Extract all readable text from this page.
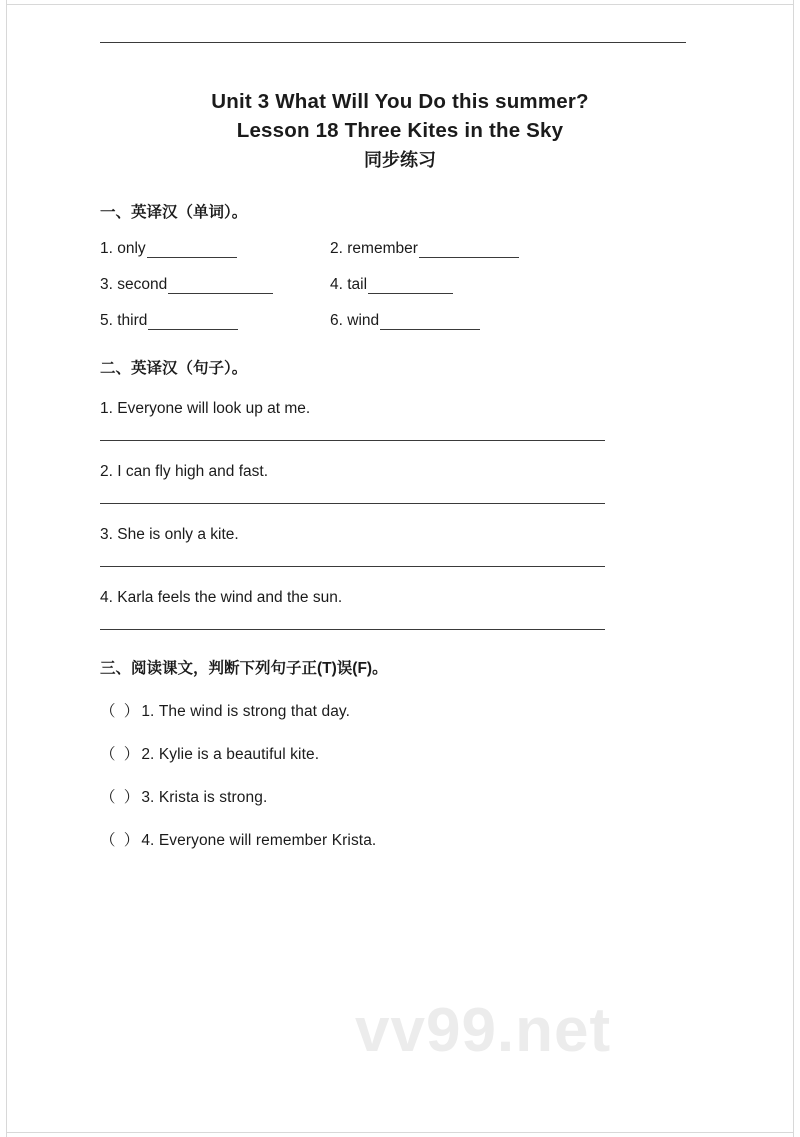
Unit 3 What Will You Do this summer?
Lesson 18 Three Kites in the Sky
同步练习
一、英译汉（单词）。
1. only	2. remember
3. second	4. tail
5. third	6. wind
二、英译汉（句子）。
1. Everyone will look up at me.
2. I can fly high and fast.
3. She is only a kite.
4. Karla feels the wind and the sun.
三、阅读课文，判断下列句子正(T)误(F)。
（ ）1. The wind is strong that day.
（ ）2. Kylie is a beautiful kite.
（ ）3. Krista is strong.
（ ）4. Everyone will remember Krista.
vv99.net
